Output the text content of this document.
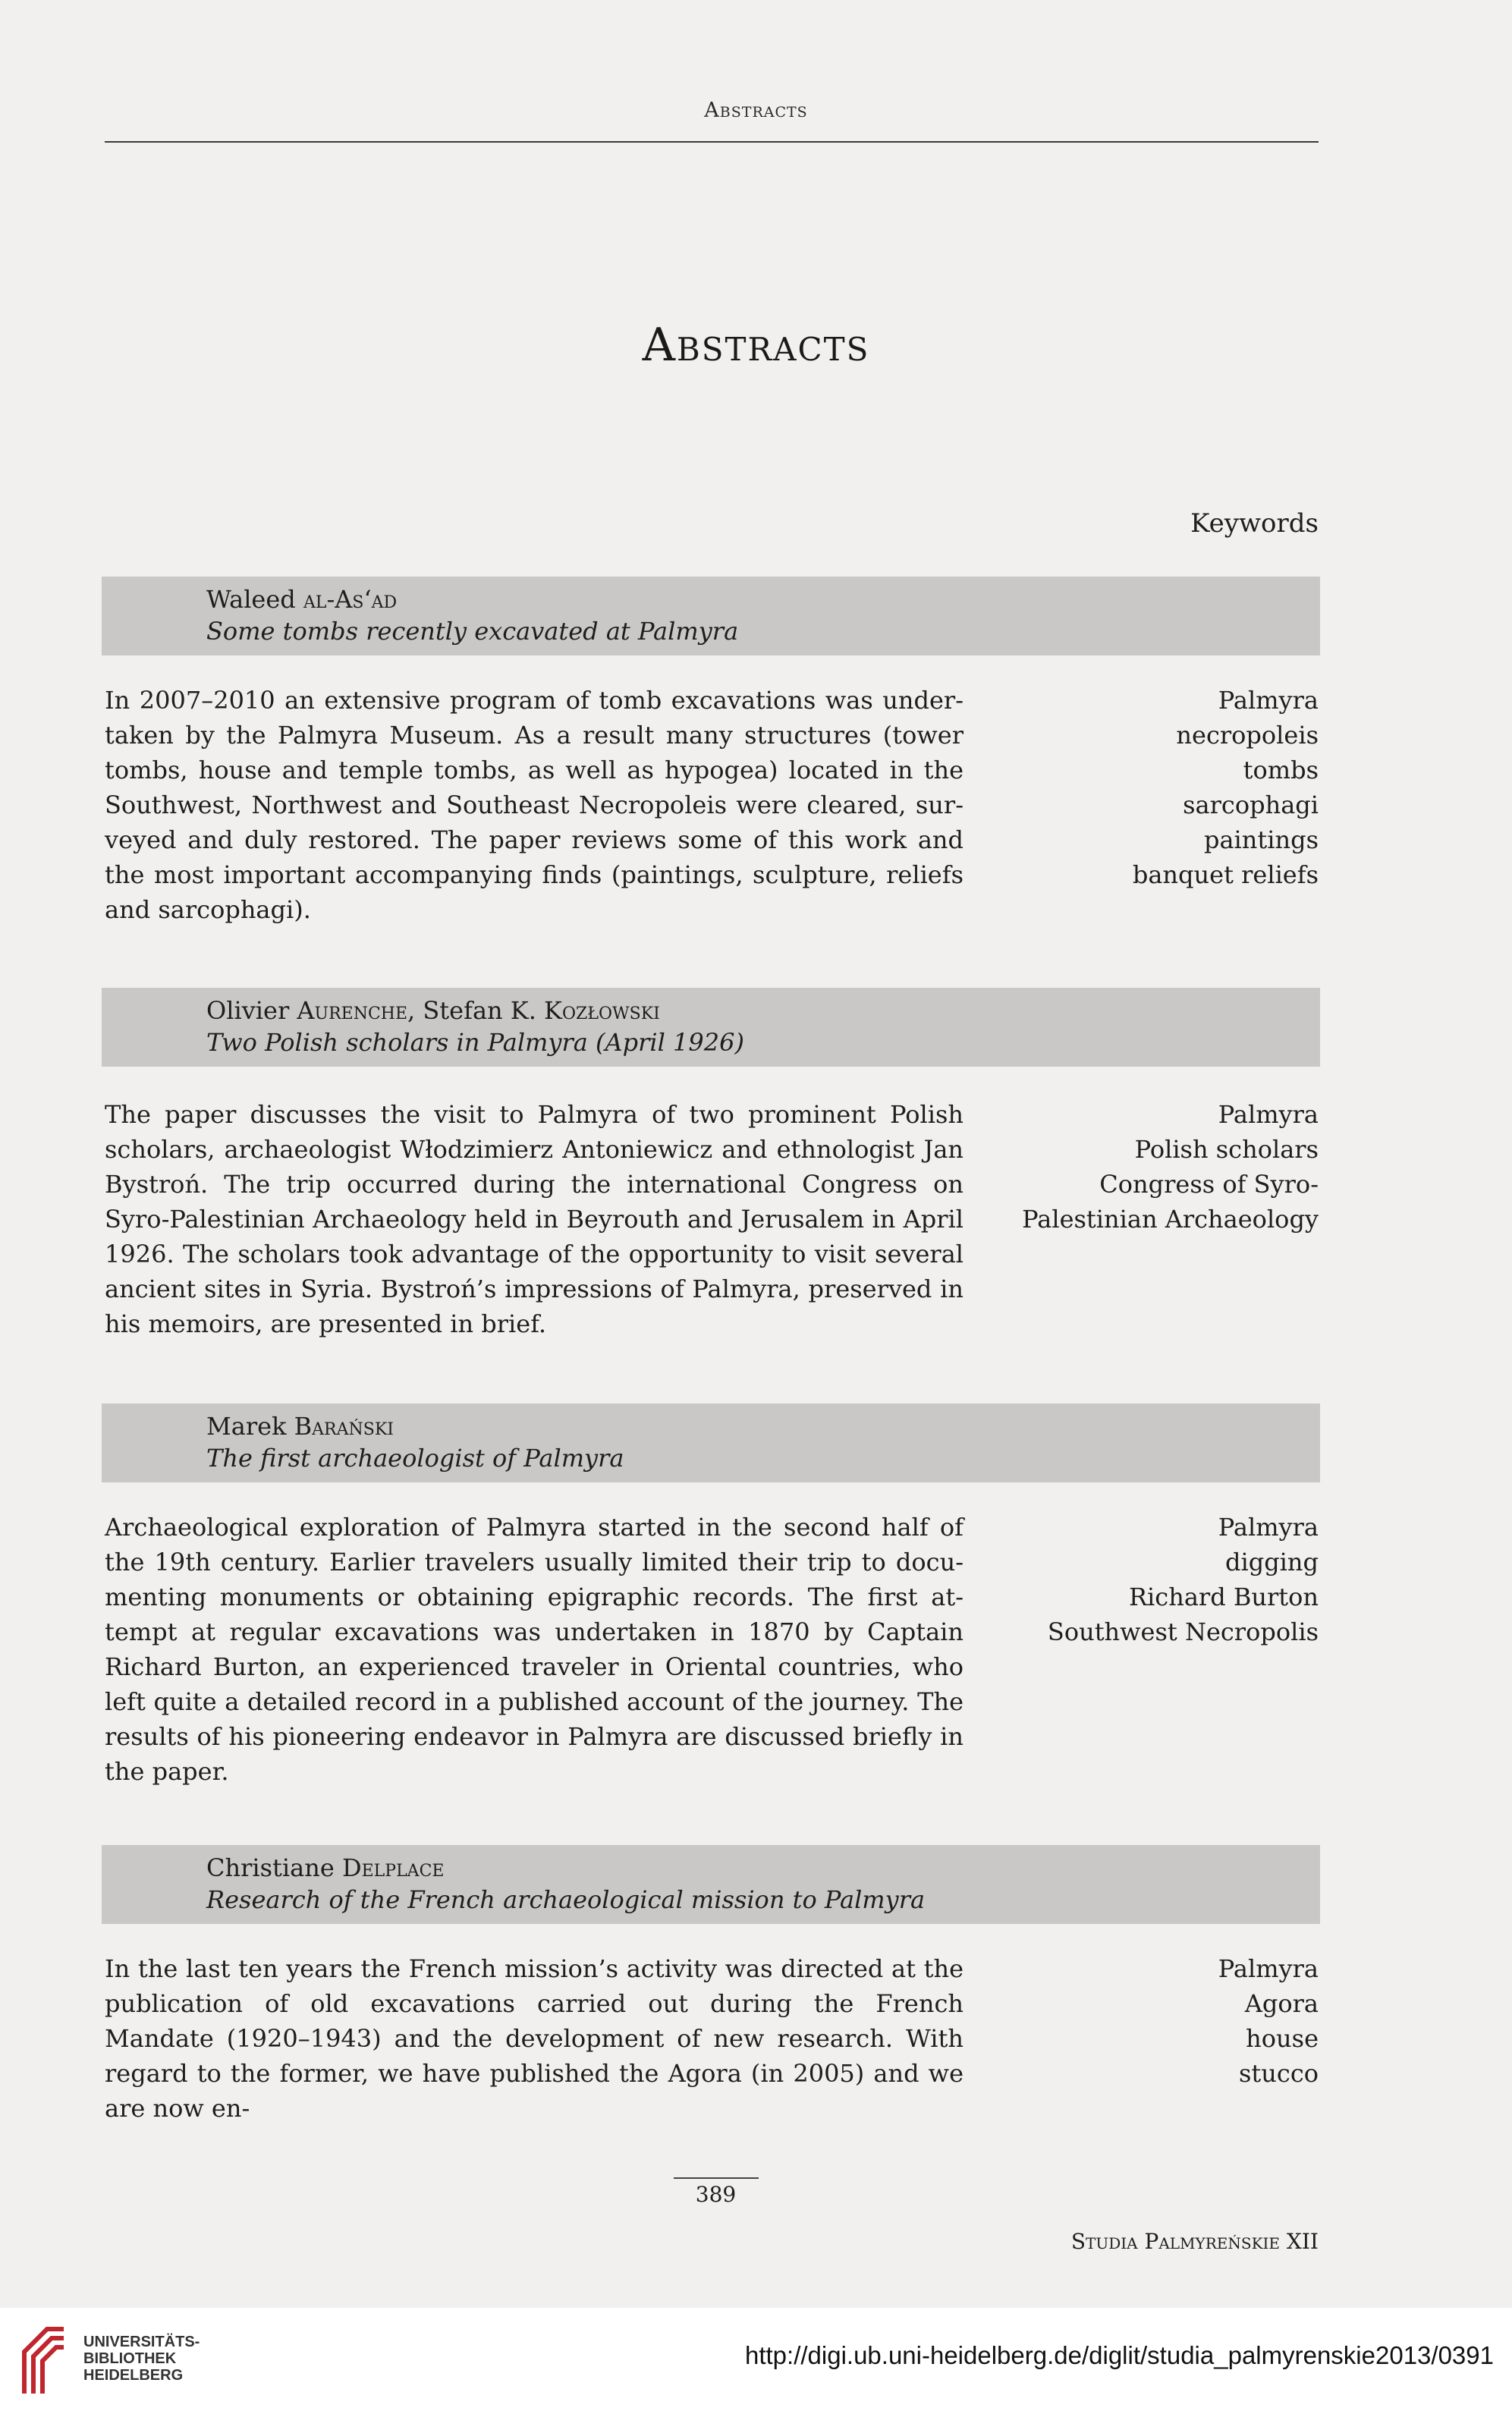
Abstracts
Abstracts
Keywords
Waleed al-As‘ad
Some tombs recently excavated at Palmyra
In 2007–2010 an extensive program of tomb excavations was undertaken by the Palmyra Museum. As a result many structures (tower tombs, house and temple tombs, as well as hypogea) located in the Southwest, Northwest and Southeast Necropoleis were cleared, surveyed and duly restored. The paper reviews some of this work and the most important accompanying finds (paintings, sculpture, reliefs and sarcophagi).
Palmyra
necropoleis
tombs
sarcophagi
paintings
banquet reliefs
Olivier Aurenche, Stefan K. Kozłowski
Two Polish scholars in Palmyra (April 1926)
The paper discusses the visit to Palmyra of two prominent Polish scholars, archaeologist Włodzimierz Antoniewicz and ethnologist Jan Bystroń. The trip occurred during the international Congress on Syro-Palestinian Archaeology held in Beyrouth and Jerusalem in April 1926. The scholars took advantage of the opportunity to visit several ancient sites in Syria. Bystroń’s impressions of Palmyra, preserved in his memoirs, are presented in brief.
Palmyra
Polish scholars
Congress of Syro-
Palestinian Archaeology
Marek Barański
The first archaeologist of Palmyra
Archaeological exploration of Palmyra started in the second half of the 19th century. Earlier travelers usually limited their trip to documenting monuments or obtaining epigraphic records. The first attempt at regular excavations was undertaken in 1870 by Captain Richard Burton, an experienced traveler in Oriental countries, who left quite a detailed record in a published account of the journey. The results of his pioneering endeavor in Palmyra are discussed briefly in the paper.
Palmyra
digging
Richard Burton
Southwest Necropolis
Christiane Delplace
Research of the French archaeological mission to Palmyra
In the last ten years the French mission’s activity was directed at the publication of old excavations carried out during the French Mandate (1920–1943) and the development of new research. With regard to the former, we have published the Agora (in 2005) and we are now en-
Palmyra
Agora
house
stucco
389
Studia Palmyreńskie XII
UNIVERSITÄTS-
BIBLIOTHEK
HEIDELBERG
http://digi.ub.uni-heidelberg.de/diglit/studia_palmyrenskie2013/0391
